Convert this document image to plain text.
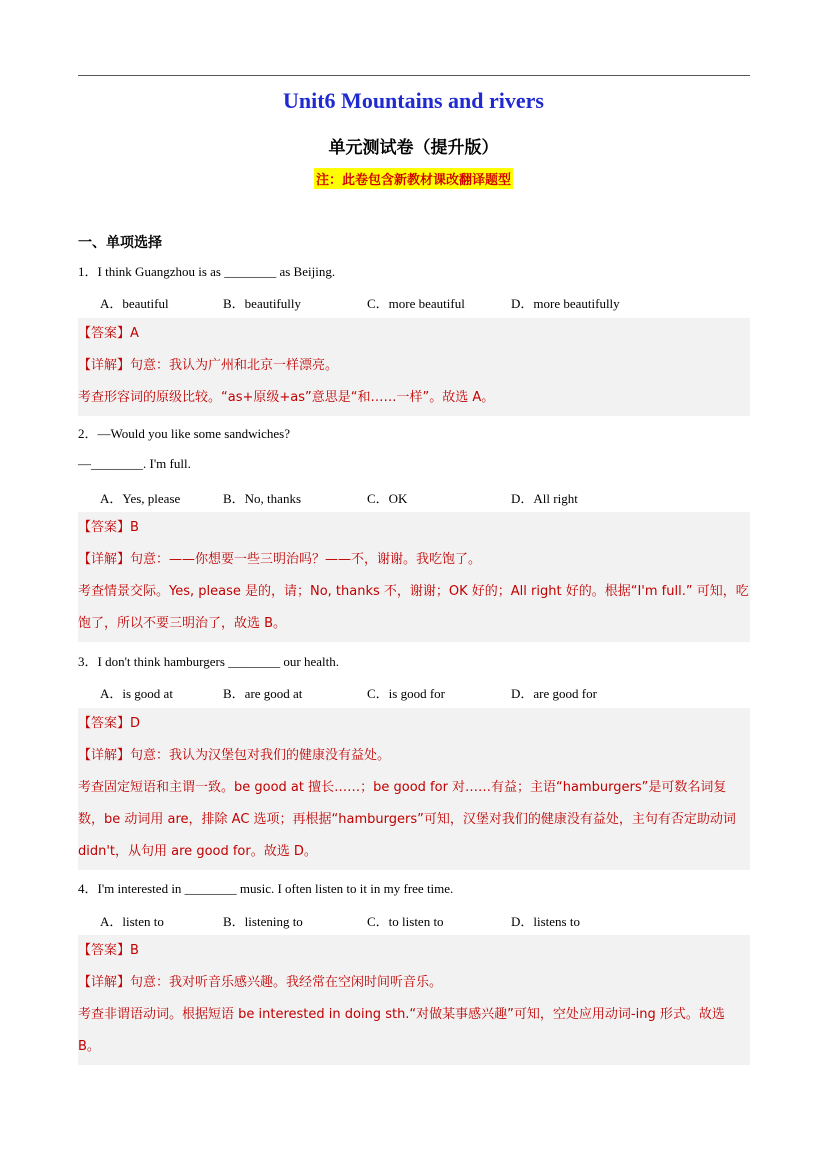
Unit6 Mountains and rivers
单元测试卷（提升版）
注：此卷包含新教材课改翻译题型
一、单项选择
1．I think Guangzhou is as ________ as Beijing.
A．beautiful	B．beautifully	C．more beautiful	D．more beautifully
【答案】A
【详解】句意：我认为广州和北京一样漂亮。
考查形容词的原级比较。“as+原级+as”意思是“和……一样”。故选 A。
2．—Would you like some sandwiches?
—________. I'm full.
A．Yes, please	B．No, thanks	C．OK	D．All right
【答案】B
【详解】句意：——你想要一些三明治吗？——不，谢谢。我吃饱了。
考查情景交际。Yes, please 是的，请；No, thanks 不，谢谢；OK 好的；All right 好的。根据“I'm full.” 可知，吃饱了，所以不要三明治了，故选 B。
3．I don't think hamburgers ________ our health.
A．is good at	B．are good at	C．is good for	D．are good for
【答案】D
【详解】句意：我认为汉堡包对我们的健康没有益处。
考查固定短语和主谓一致。be good at 擅长……；be good for 对……有益；主语“hamburgers”是可数名词复数，be 动词用 are，排除 AC 选项；再根据“hamburgers”可知，汉堡对我们的健康没有益处，主句有否定助动词 didn't，从句用 are good for。故选 D。
4．I'm interested in ________ music. I often listen to it in my free time.
A．listen to	B．listening to	C．to listen to	D．listens to
【答案】B
【详解】句意：我对听音乐感兴趣。我经常在空闲时间听音乐。
考查非谓语动词。根据短语 be interested in doing sth.“对做某事感兴趣”可知，空处应用动词-ing 形式。故选 B。
